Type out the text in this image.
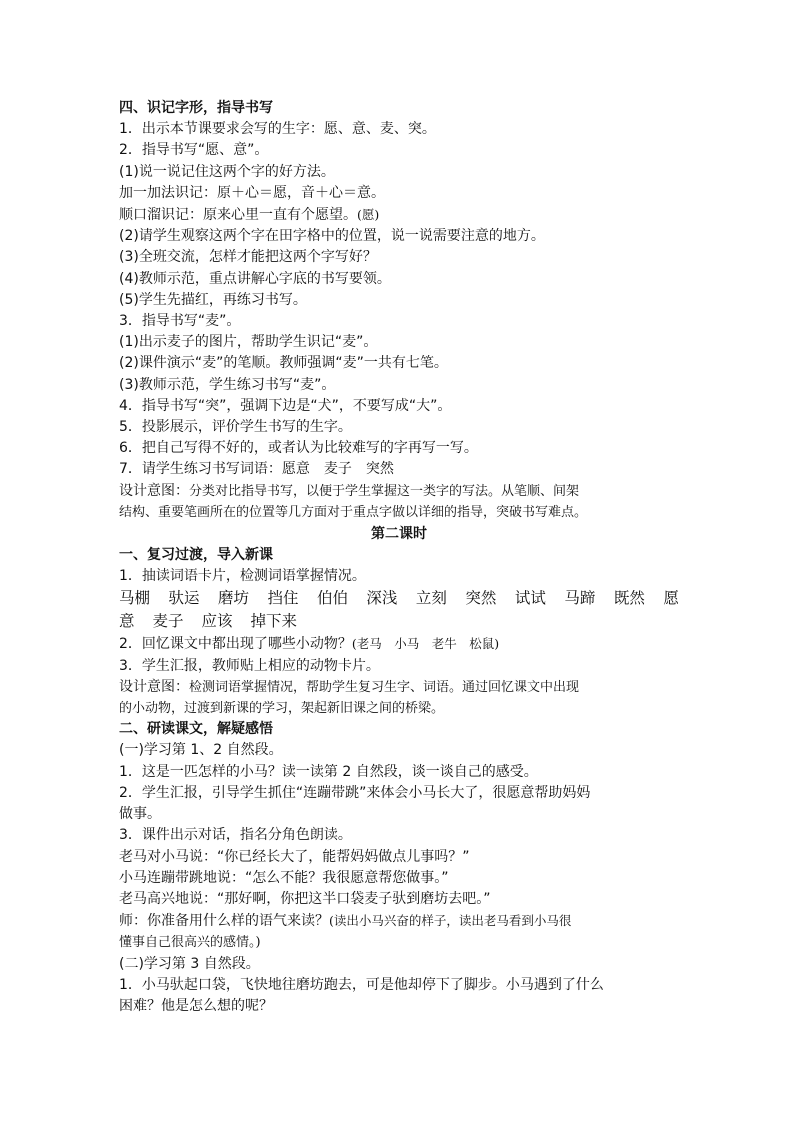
四、识记字形，指导书写
1．出示本节课要求会写的生字：愿、意、麦、突。
2．指导书写“愿、意”。
(1)说一说记住这两个字的好方法。
加一加法识记：原＋心＝愿，音＋心＝意。
顺口溜识记：原来心里一直有个愿望。(愿)
(2)请学生观察这两个字在田字格中的位置，说一说需要注意的地方。
(3)全班交流，怎样才能把这两个字写好？
(4)教师示范，重点讲解心字底的书写要领。
(5)学生先描红，再练习书写。
3．指导书写“麦”。
(1)出示麦子的图片，帮助学生识记“麦”。
(2)课件演示“麦”的笔顺。教师强调“麦”一共有七笔。
(3)教师示范，学生练习书写“麦”。
4．指导书写“突”，强调下边是“犬”，不要写成“大”。
5．投影展示，评价学生书写的生字。
6．把自己写得不好的，或者认为比较难写的字再写一写。
7．请学生练习书写词语：愿意　麦子　突然
设计意图：分类对比指导书写，以便于学生掌握这一类字的写法。从笔顺、间架
结构、重要笔画所在的位置等几方面对于重点字做以详细的指导，突破书写难点。
第二课时
一、复习过渡，导入新课
1．抽读词语卡片，检测词语掌握情况。
马棚 驮运 磨坊 挡住 伯伯 深浅 立刻 突然 试试 马蹄 既然 愿
意 麦子 应该 掉下来
2．回忆课文中都出现了哪些小动物？(老马　小马　老牛　松鼠)
3．学生汇报，教师贴上相应的动物卡片。
设计意图：检测词语掌握情况，帮助学生复习生字、词语。通过回忆课文中出现
的小动物，过渡到新课的学习，架起新旧课之间的桥梁。
二、研读课文，解疑感悟
(一)学习第 1、2 自然段。
1．这是一匹怎样的小马？读一读第 2 自然段，谈一谈自己的感受。
2．学生汇报，引导学生抓住“连蹦带跳”来体会小马长大了，很愿意帮助妈妈
做事。
3．课件出示对话，指名分角色朗读。
老马对小马说：“你已经长大了，能帮妈妈做点儿事吗？”
小马连蹦带跳地说：“怎么不能？我很愿意帮您做事。”
老马高兴地说：“那好啊，你把这半口袋麦子驮到磨坊去吧。”
师：你准备用什么样的语气来读？(读出小马兴奋的样子，读出老马看到小马很
懂事自己很高兴的感情。)
(二)学习第 3 自然段。
1．小马驮起口袋，飞快地往磨坊跑去，可是他却停下了脚步。小马遇到了什么
困难？他是怎么想的呢？
